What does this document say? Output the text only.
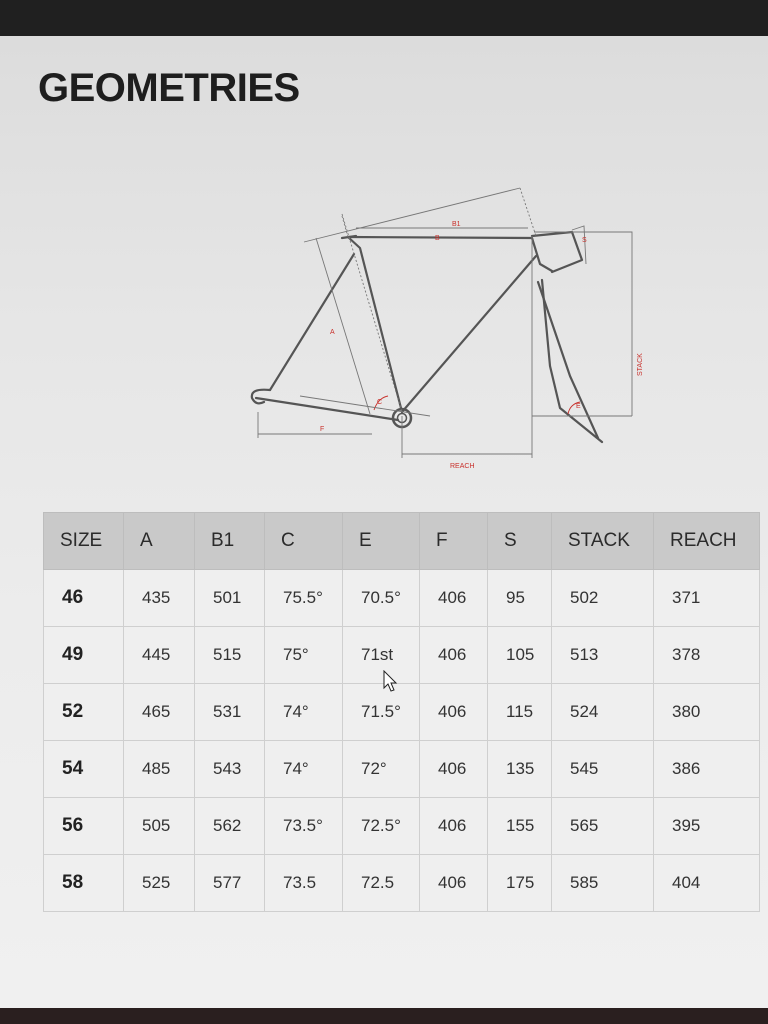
GEOMETRIES
B
B1
A
C
E
F
S
REACH
STACK
SIZE	A	B1	C	E	F	S	STACK	REACH
46	435	501	75.5°	70.5°	406	95	502	371
49	445	515	75°	71st	406	105	513	378
52	465	531	74°	71.5°	406	115	524	380
54	485	543	74°	72°	406	135	545	386
56	505	562	73.5°	72.5°	406	155	565	395
58	525	577	73.5	72.5	406	175	585	404
